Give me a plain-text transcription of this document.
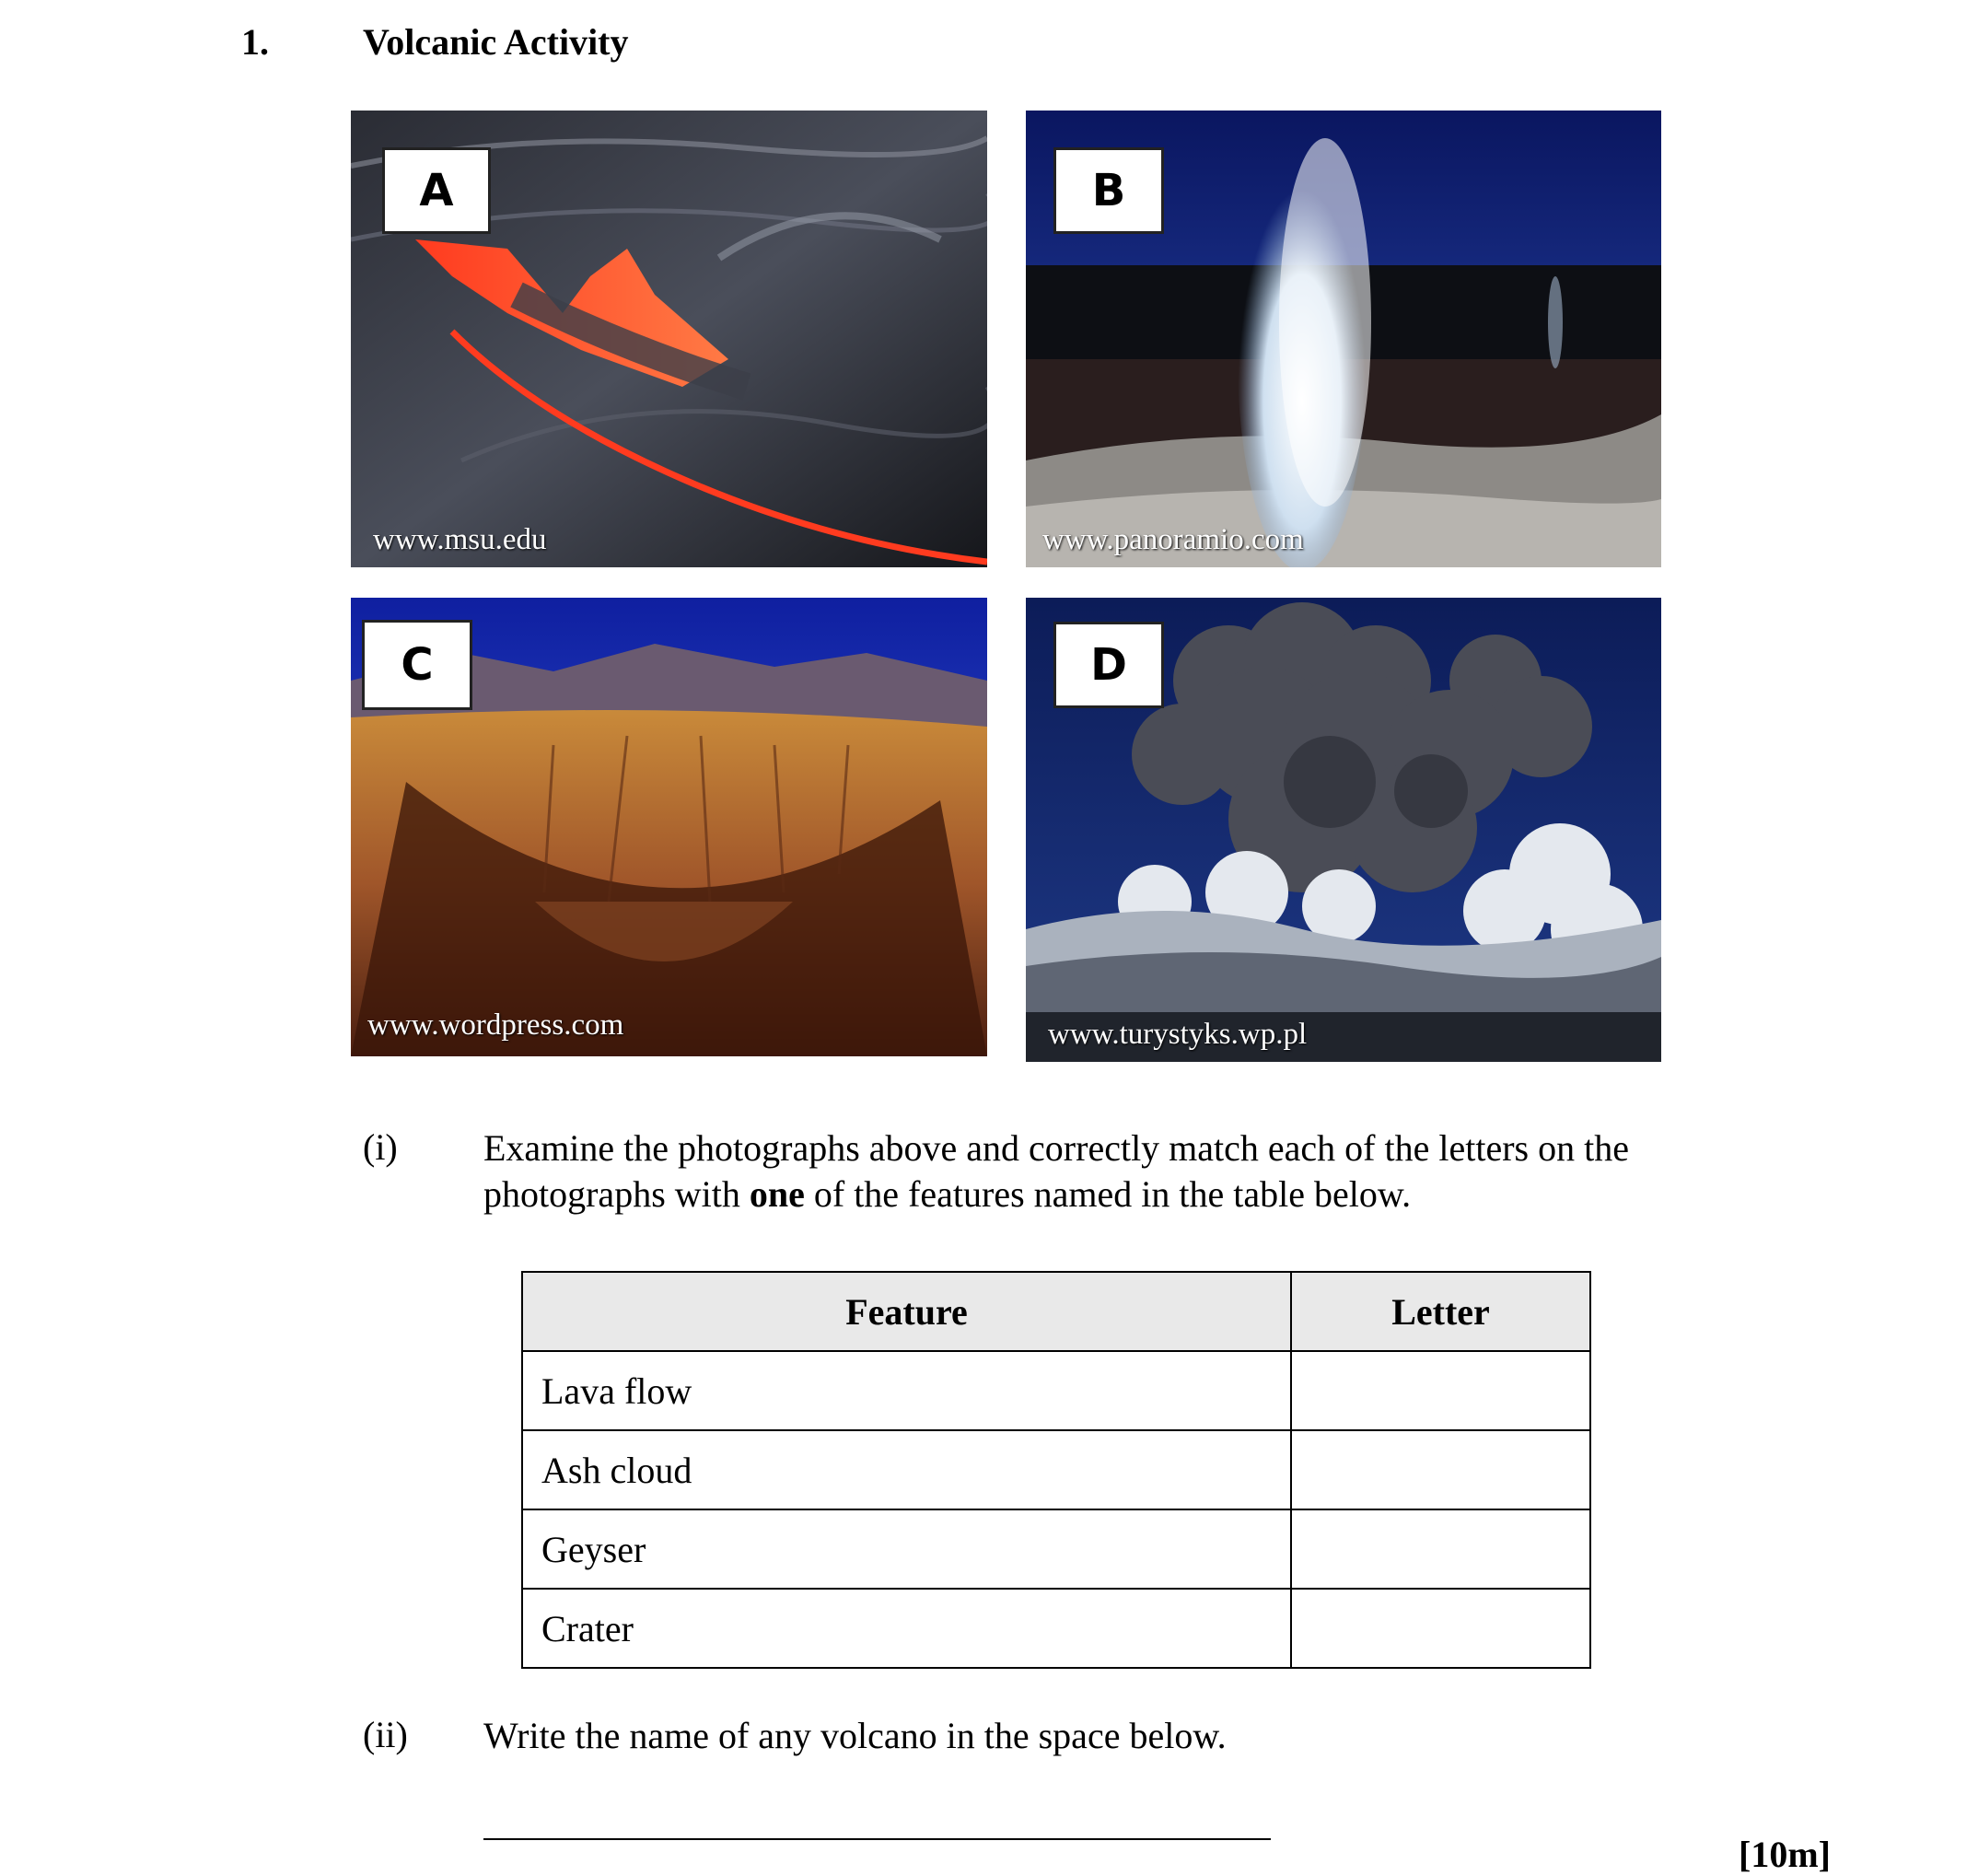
1.	Volcanic Activity
A
www.msu.edu
B
www.panoramio.com
C
www.wordpress.com
D
www.turystyks.wp.pl
(i) Examine the photographs above and correctly match each of the letters on the photographs with one of the features named in the table below.
Feature	Letter
Lava flow	
Ash cloud	
Geyser	
Crater	
(ii) Write the name of any volcano in the space below.
[10m]
